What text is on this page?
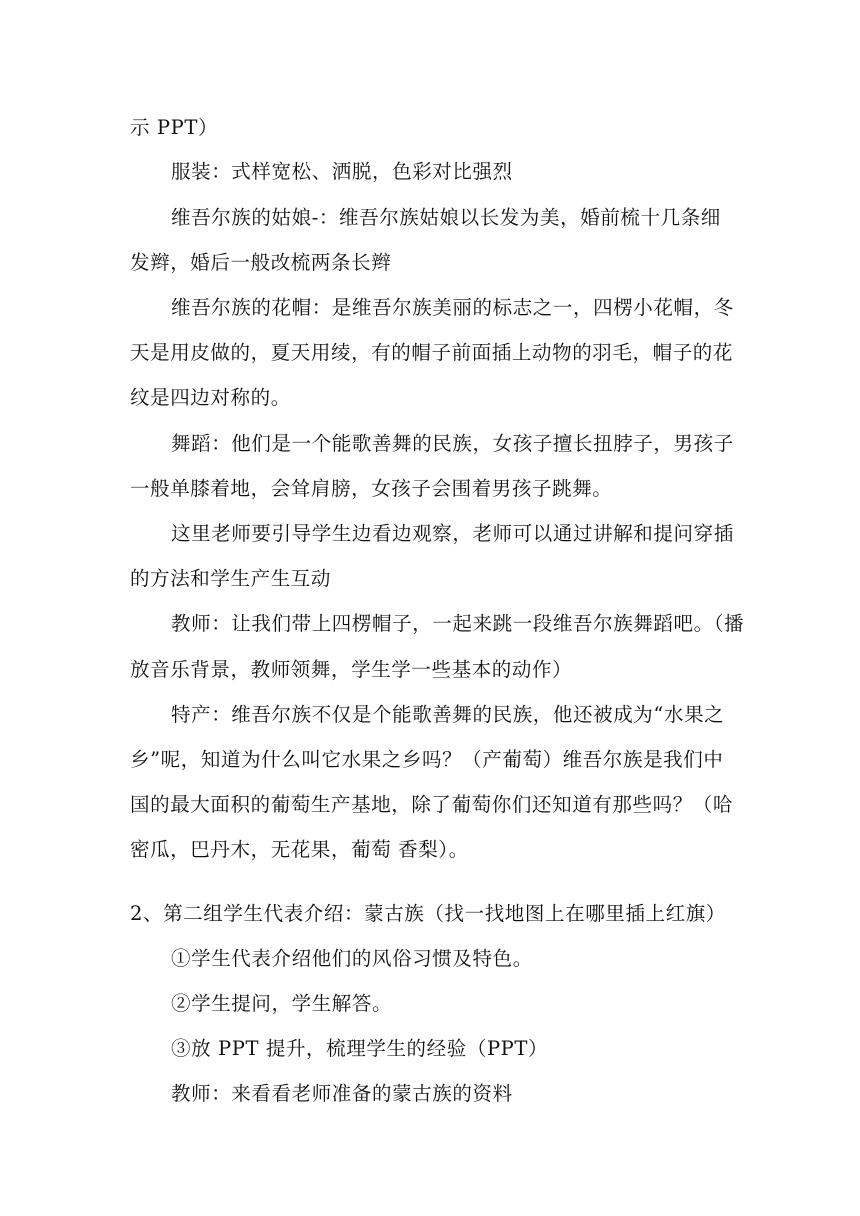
示 PPT）
服装：式样宽松、洒脱，色彩对比强烈
维吾尔族的姑娘-：维吾尔族姑娘以长发为美，婚前梳十几条细
发辫，婚后一般改梳两条长辫
维吾尔族的花帽：是维吾尔族美丽的标志之一，四楞小花帽，冬
天是用皮做的，夏天用绫，有的帽子前面插上动物的羽毛，帽子的花
纹是四边对称的。
舞蹈：他们是一个能歌善舞的民族，女孩子擅长扭脖子，男孩子
一般单膝着地，会耸肩膀，女孩子会围着男孩子跳舞。
这里老师要引导学生边看边观察，老师可以通过讲解和提问穿插
的方法和学生产生互动
教师：让我们带上四楞帽子，一起来跳一段维吾尔族舞蹈吧。（播
放音乐背景，教师领舞，学生学一些基本的动作）
特产：维吾尔族不仅是个能歌善舞的民族，他还被成为“水果之
乡”呢，知道为什么叫它水果之乡吗？（产葡萄）维吾尔族是我们中
国的最大面积的葡萄生产基地，除了葡萄你们还知道有那些吗？（哈
密瓜，巴丹木，无花果，葡萄 香梨）。
2、第二组学生代表介绍：蒙古族（找一找地图上在哪里插上红旗）
①学生代表介绍他们的风俗习惯及特色。
②学生提问，学生解答。
③放 PPT 提升，梳理学生的经验（PPT）
教师：来看看老师准备的蒙古族的资料
